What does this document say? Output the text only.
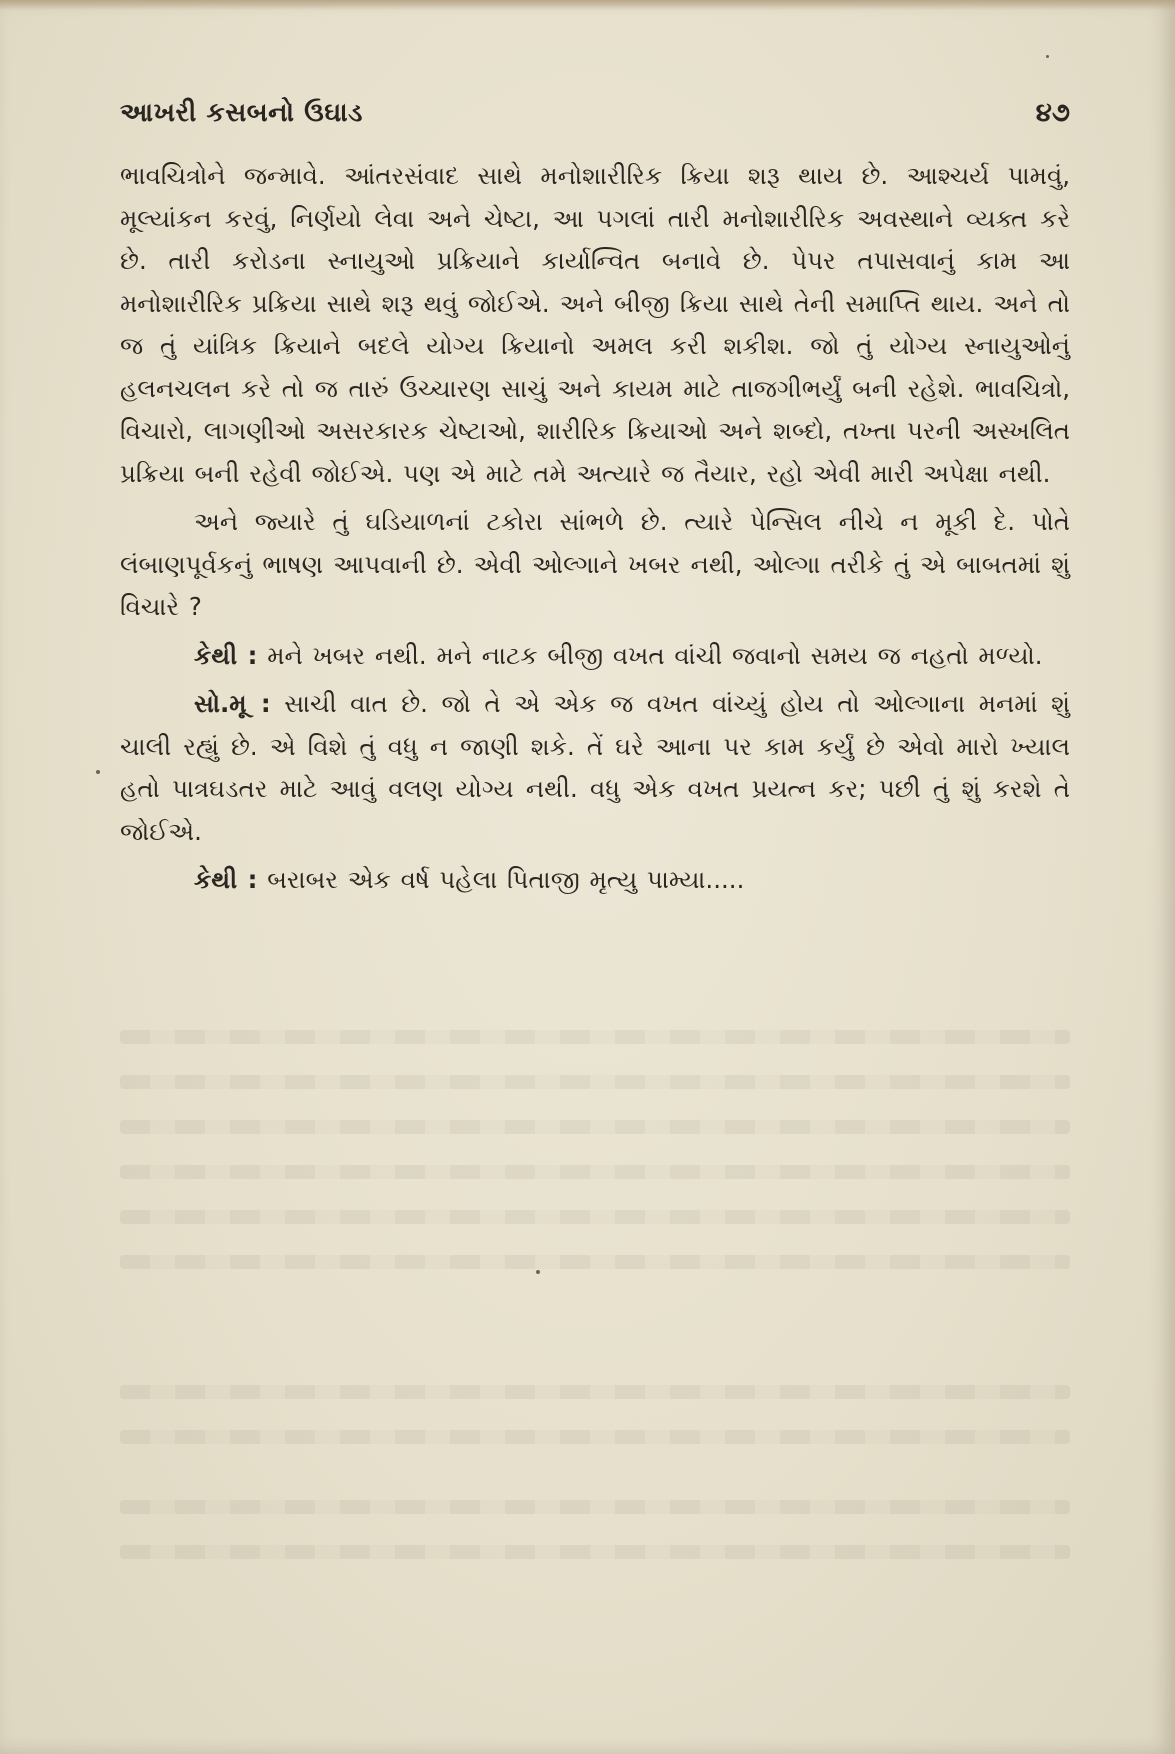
આખરી કસબનો ઉઘાડ	૪૭

ભાવચિત્રોને જન્માવે. આંતરસંવાદ સાથે મનોશારીરિક ક્રિયા શરૂ થાય છે. આશ્ચર્ય પામવું, મૂલ્યાંકન કરવું, નિર્ણયો લેવા અને ચેષ્ટા, આ પગલાં તારી મનોશારીરિક અવસ્થાને વ્યક્ત કરે છે. તારી કરોડના સ્નાયુઓ પ્રક્રિયાને કાર્યાન્વિત બનાવે છે. પેપર તપાસવાનું કામ આ મનોશારીરિક પ્રક્રિયા સાથે શરૂ થવું જોઈએ. અને બીજી ક્રિયા સાથે તેની સમાપ્તિ થાય. અને તો જ તું યાંત્રિક ક્રિયાને બદલે યોગ્ય ક્રિયાનો અમલ કરી શકીશ. જો તું યોગ્ય સ્નાયુઓનું હલનચલન કરે તો જ તારું ઉચ્ચારણ સાચું અને કાયમ માટે તાજગીભર્યું બની રહેશે. ભાવચિત્રો, વિચારો, લાગણીઓ અસરકારક ચેષ્ટાઓ, શારીરિક ક્રિયાઓ અને શબ્દો, તખ્તા પરની અસ્ખલિત પ્રક્રિયા બની રહેવી જોઈએ. પણ એ માટે તમે અત્યારે જ તૈયાર, રહો એવી મારી અપેક્ષા નથી.

અને જ્યારે તું ઘડિયાળનાં ટકોરા સાંભળે છે. ત્યારે પેન્સિલ નીચે ન મૂકી દે. પોતે લંબાણપૂર્વકનું ભાષણ આપવાની છે. એવી ઓલ્ગાને ખબર નથી, ઓલ્ગા તરીકે તું એ બાબતમાં શું વિચારે ?

કેથી : મને ખબર નથી. મને નાટક બીજી વખત વાંચી જવાનો સમય જ નહતો મળ્યો.

સો.મૂ : સાચી વાત છે. જો તે એ એક જ વખત વાંચ્યું હોય તો ઓલ્ગાના મનમાં શું ચાલી રહ્યું છે. એ વિશે તું વધુ ન જાણી શકે. તેં ઘરે આના પર કામ કર્યું છે એવો મારો ખ્યાલ હતો પાત્રઘડતર માટે આવું વલણ યોગ્ય નથી. વધુ એક વખત પ્રયત્ન કર; પછી તું શું કરશે તે જોઈએ.

કેથી : બરાબર એક વર્ષ પહેલા પિતાજી મૃત્યુ પામ્યા.....
